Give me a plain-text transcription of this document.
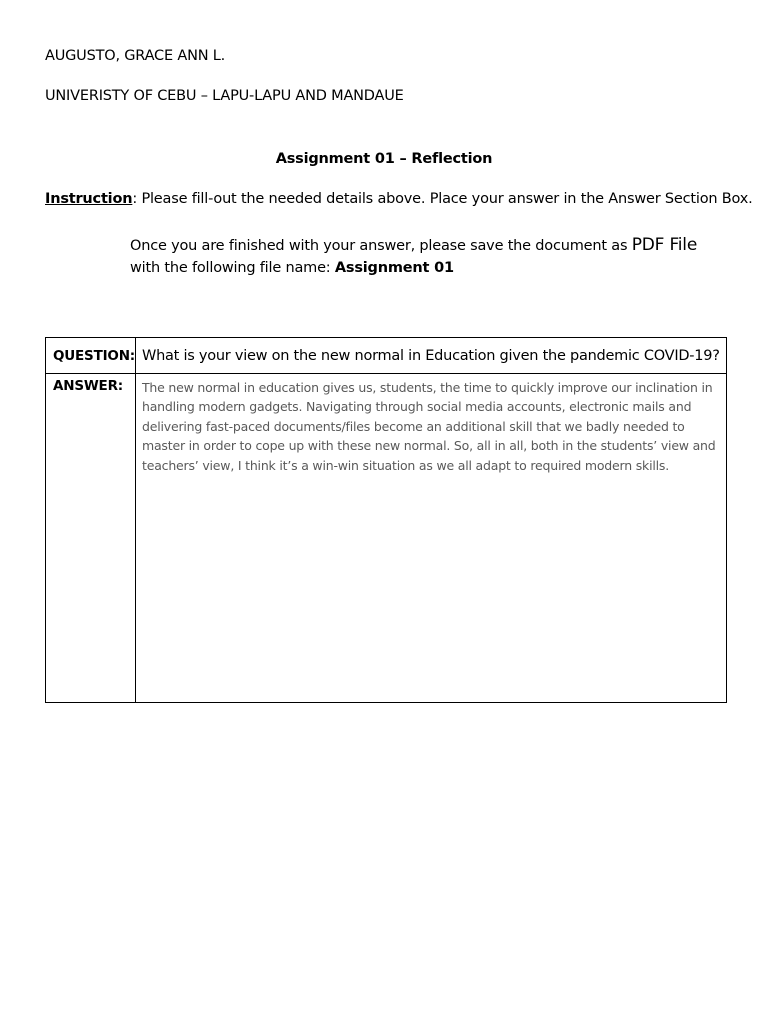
AUGUSTO, GRACE ANN L.
UNIVERISTY OF CEBU – LAPU-LAPU AND MANDAUE
Assignment 01 – Reflection
Instruction: Please fill-out the needed details above. Place your answer in the Answer Section Box.
Once you are finished with your answer, please save the document as PDF File with the following file name: Assignment 01
QUESTION:	What is your view on the new normal in Education given the pandemic COVID-19?
ANSWER:	The new normal in education gives us, students, the time to quickly improve our inclination in handling modern gadgets. Navigating through social media accounts, electronic mails and delivering fast-paced documents/files become an additional skill that we badly needed to master in order to cope up with these new normal. So, all in all, both in the students’ view and teachers’ view, I think it’s a win-win situation as we all adapt to required modern skills.
